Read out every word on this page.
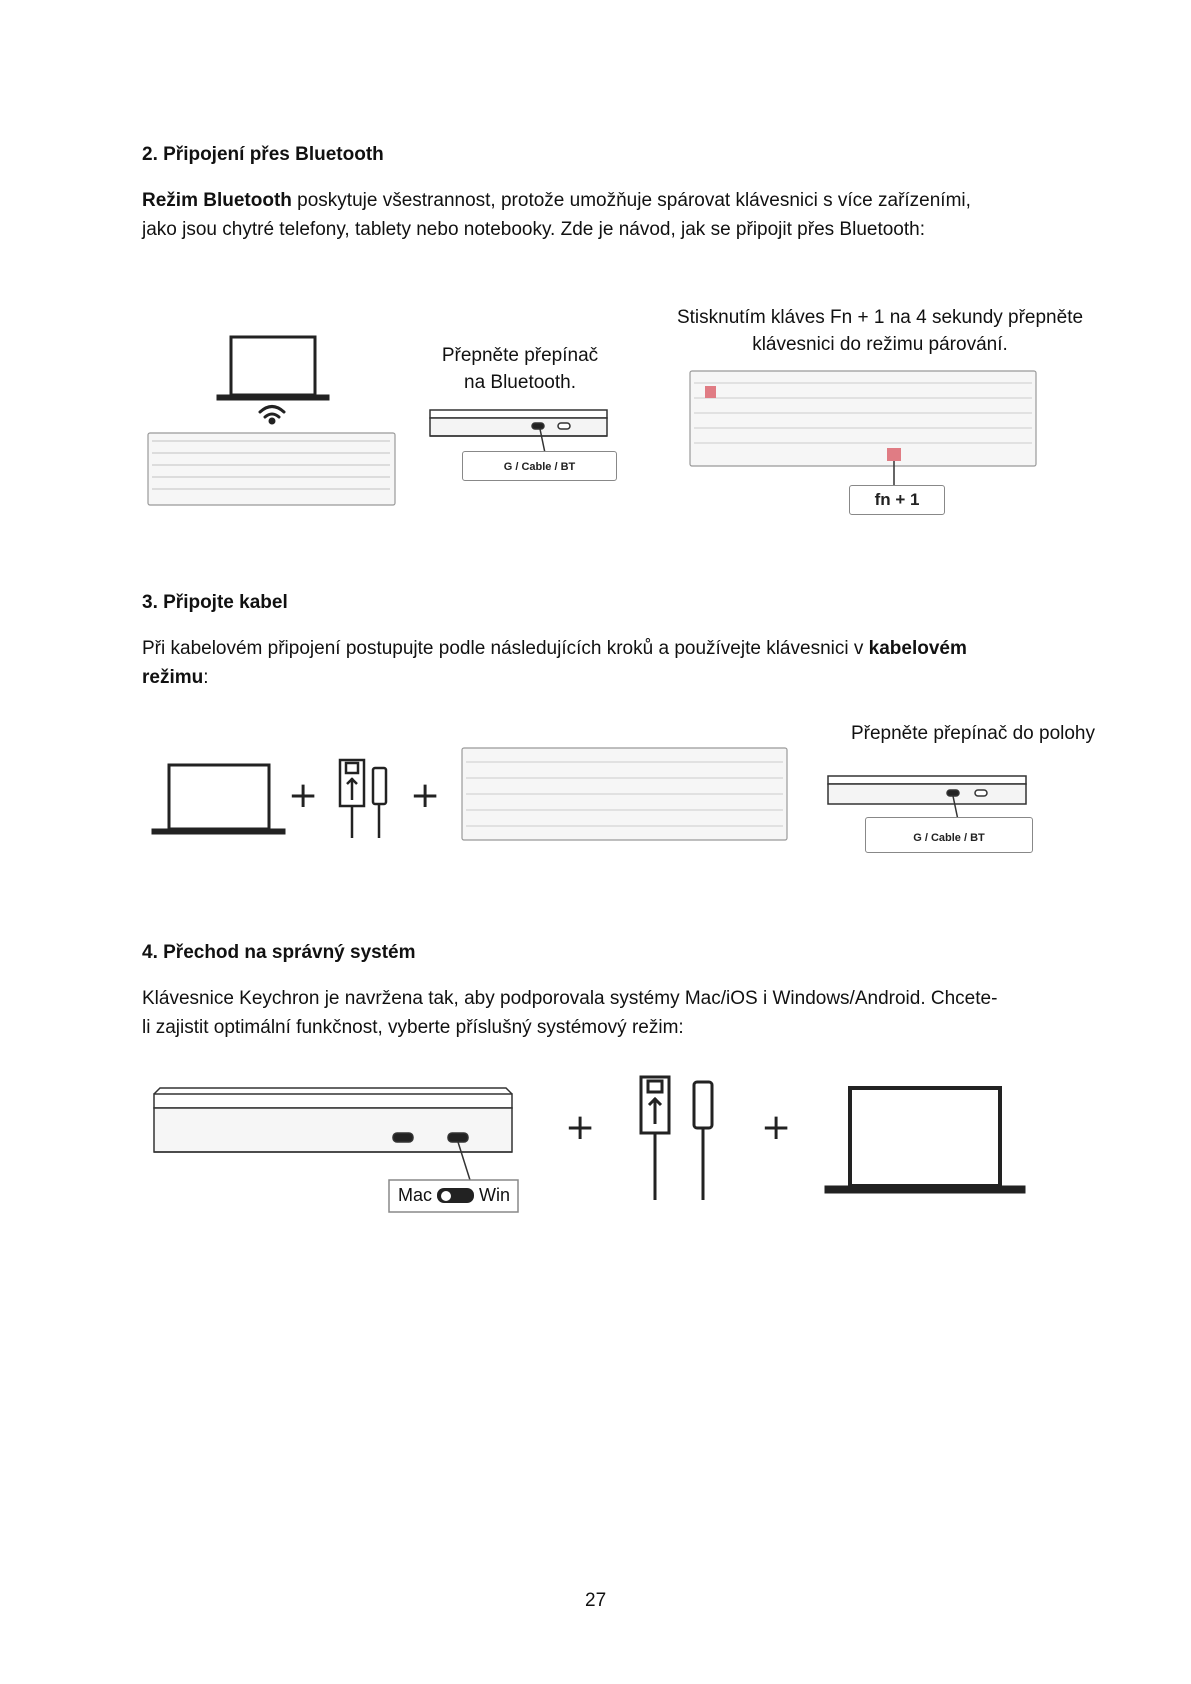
2. Připojení přes Bluetooth
Režim Bluetooth poskytuje všestrannost, protože umožňuje spárovat klávesnici s více zařízeními,
jako jsou chytré telefony, tablety nebo notebooky. Zde je návod, jak se připojit přes Bluetooth:
Přepněte přepínač
na Bluetooth.
G / Cable / BT
Stisknutím kláves Fn + 1 na 4 sekundy přepněte
klávesnici do režimu párování.
fn + 1
3. Připojte kabel
Při kabelovém připojení postupujte podle následujících kroků a používejte klávesnici v kabelovém
režimu:
+	+
Přepněte přepínač do polohy
G / Cable / BT
4. Přechod na správný systém
Klávesnice Keychron je navržena tak, aby podporovala systémy Mac/iOS i Windows/Android. Chcete-
li zajistit optimální funkčnost, vyberte příslušný systémový režim:
Mac	Win
+	+
27
